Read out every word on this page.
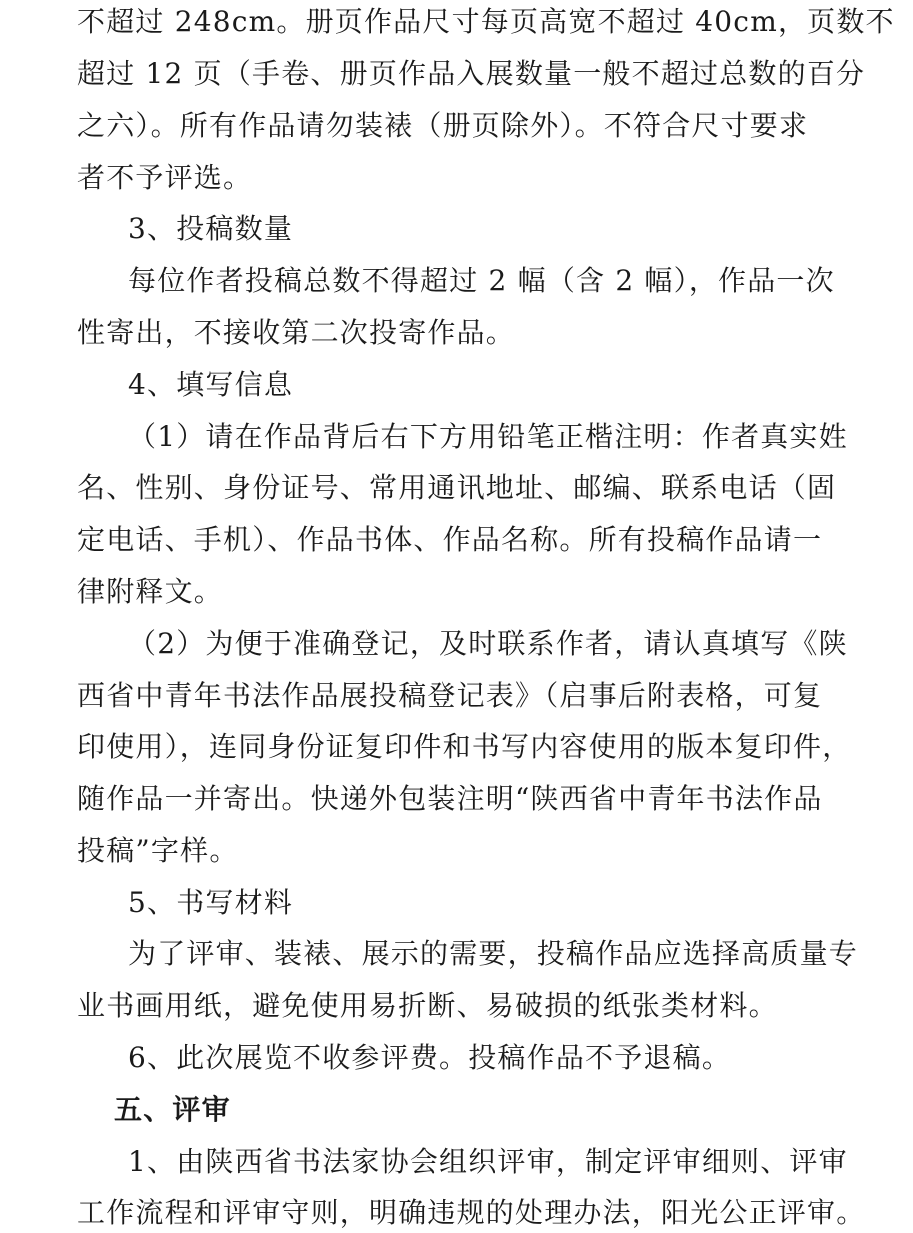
不超过 248cm。册页作品尺寸每页高宽不超过 40cm，页数不
超过 12 页（手卷、册页作品入展数量一般不超过总数的百分
之六）。所有作品请勿装裱（册页除外）。不符合尺寸要求
者不予评选。
3、投稿数量
每位作者投稿总数不得超过 2 幅（含 2 幅），作品一次
性寄出，不接收第二次投寄作品。
4、填写信息
（1）请在作品背后右下方用铅笔正楷注明：作者真实姓
名、性别、身份证号、常用通讯地址、邮编、联系电话（固
定电话、手机）、作品书体、作品名称。所有投稿作品请一
律附释文。
（2）为便于准确登记，及时联系作者，请认真填写《陕
西省中青年书法作品展投稿登记表》（启事后附表格，可复
印使用），连同身份证复印件和书写内容使用的版本复印件，
随作品一并寄出。快递外包装注明“陕西省中青年书法作品
投稿”字样。
5、书写材料
为了评审、装裱、展示的需要，投稿作品应选择高质量专
业书画用纸，避免使用易折断、易破损的纸张类材料。
6、此次展览不收参评费。投稿作品不予退稿。
五、评审
1、由陕西省书法家协会组织评审，制定评审细则、评审
工作流程和评审守则，明确违规的处理办法，阳光公正评审。
